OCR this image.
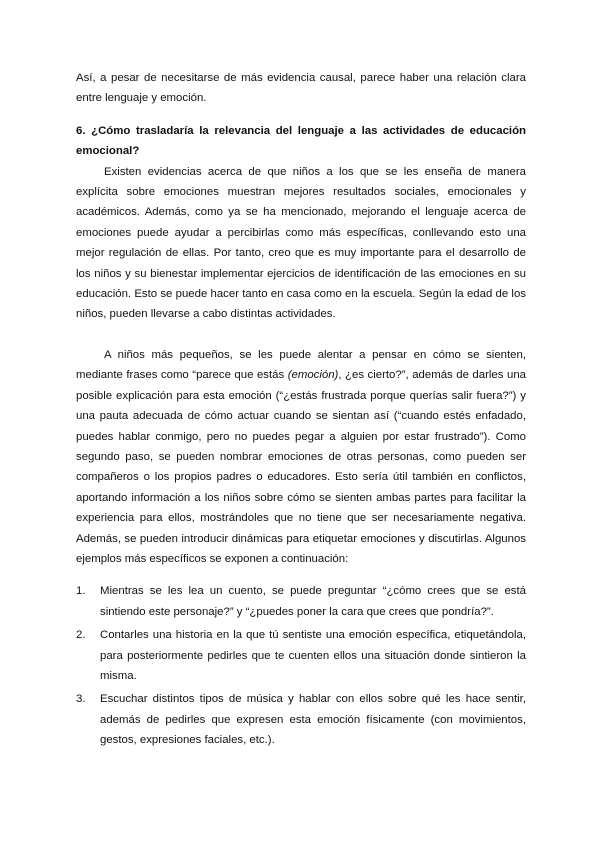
Así, a pesar de necesitarse de más evidencia causal, parece haber una relación clara entre lenguaje y emoción.

6. ¿Cómo trasladaría la relevancia del lenguaje a las actividades de educación emocional?

Existen evidencias acerca de que niños a los que se les enseña de manera explícita sobre emociones muestran mejores resultados sociales, emocionales y académicos. Además, como ya se ha mencionado, mejorando el lenguaje acerca de emociones puede ayudar a percibirlas como más específicas, conllevando esto una mejor regulación de ellas. Por tanto, creo que es muy importante para el desarrollo de los niños y su bienestar implementar ejercicios de identificación de las emociones en su educación. Esto se puede hacer tanto en casa como en la escuela. Según la edad de los niños, pueden llevarse a cabo distintas actividades.

A niños más pequeños, se les puede alentar a pensar en cómo se sienten, mediante frases como “parece que estás (emoción), ¿es cierto?”, además de darles una posible explicación para esta emoción (“¿estás frustrada porque querías salir fuera?”) y una pauta adecuada de cómo actuar cuando se sientan así (“cuando estés enfadado, puedes hablar conmigo, pero no puedes pegar a alguien por estar frustrado”). Como segundo paso, se pueden nombrar emociones de otras personas, como pueden ser compañeros o los propios padres o educadores. Esto sería útil también en conflictos, aportando información a los niños sobre cómo se sienten ambas partes para facilitar la experiencia para ellos, mostrándoles que no tiene que ser necesariamente negativa. Además, se pueden introducir dinámicas para etiquetar emociones y discutirlas. Algunos ejemplos más específicos se exponen a continuación:

1. Mientras se les lea un cuento, se puede preguntar “¿cómo crees que se está sintiendo este personaje?” y “¿puedes poner la cara que crees que pondría?”.
2. Contarles una historia en la que tú sentiste una emoción específica, etiquetándola, para posteriormente pedirles que te cuenten ellos una situación donde sintieron la misma.
3. Escuchar distintos tipos de música y hablar con ellos sobre qué les hace sentir, además de pedirles que expresen esta emoción físicamente (con movimientos, gestos, expresiones faciales, etc.).
